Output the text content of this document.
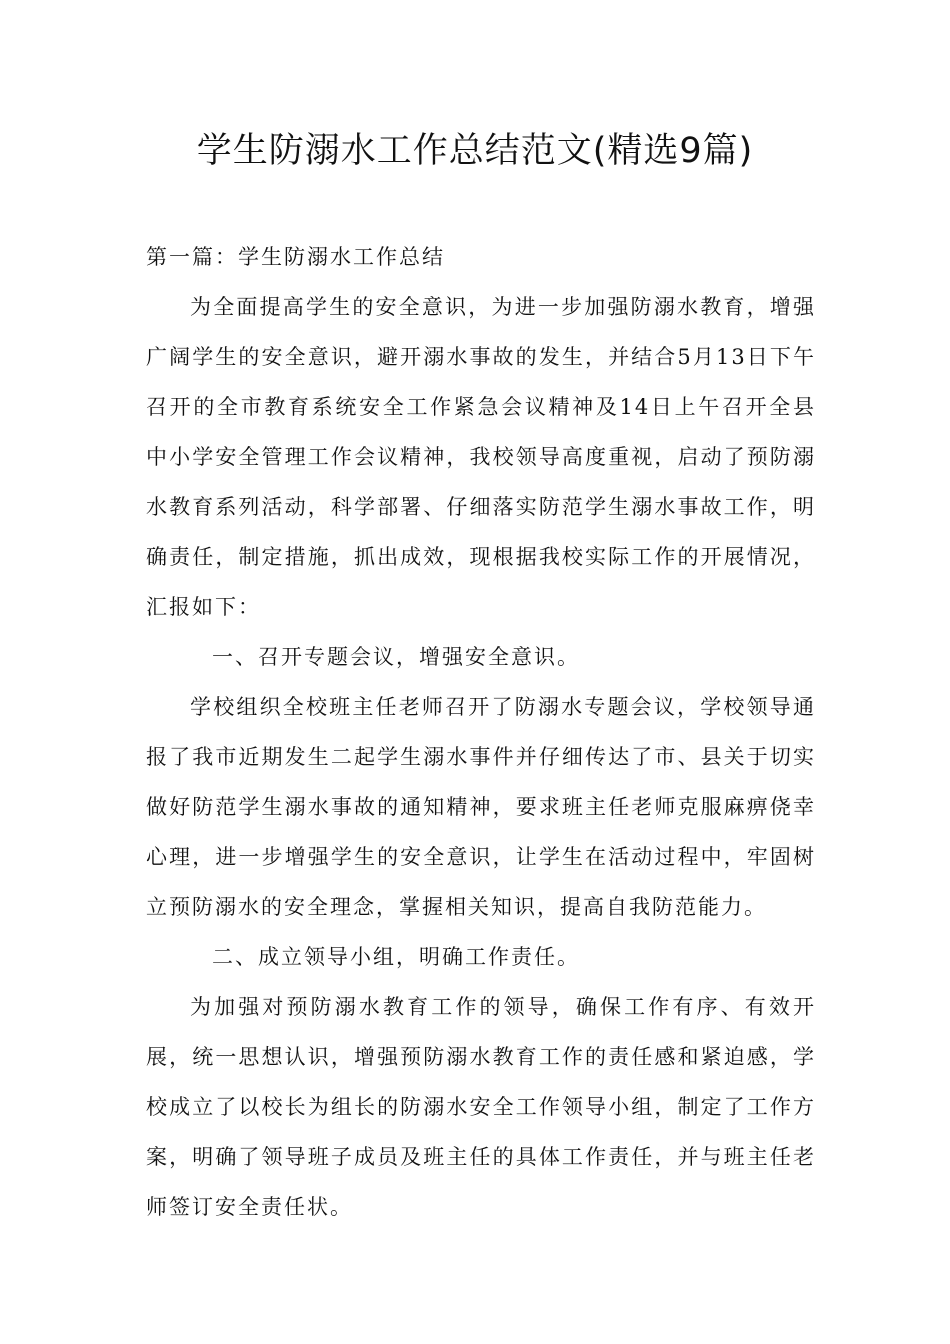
学生防溺水工作总结范文(精选9篇)

第一篇：学生防溺水工作总结

为全面提高学生的安全意识，为进一步加强防溺水教育，增强广阔学生的安全意识，避开溺水事故的发生，并结合5月13日下午召开的全市教育系统安全工作紧急会议精神及14日上午召开全县中小学安全管理工作会议精神，我校领导高度重视，启动了预防溺水教育系列活动，科学部署、仔细落实防范学生溺水事故工作，明确责任，制定措施，抓出成效，现根据我校实际工作的开展情况，汇报如下：

一、召开专题会议，增强安全意识。

学校组织全校班主任老师召开了防溺水专题会议，学校领导通报了我市近期发生二起学生溺水事件并仔细传达了市、县关于切实做好防范学生溺水事故的通知精神，要求班主任老师克服麻痹侥幸心理，进一步增强学生的安全意识，让学生在活动过程中，牢固树立预防溺水的安全理念，掌握相关知识，提高自我防范能力。

二、成立领导小组，明确工作责任。

为加强对预防溺水教育工作的领导，确保工作有序、有效开展，统一思想认识，增强预防溺水教育工作的责任感和紧迫感，学校成立了以校长为组长的防溺水安全工作领导小组，制定了工作方案，明确了领导班子成员及班主任的具体工作责任，并与班主任老师签订安全责任状。
